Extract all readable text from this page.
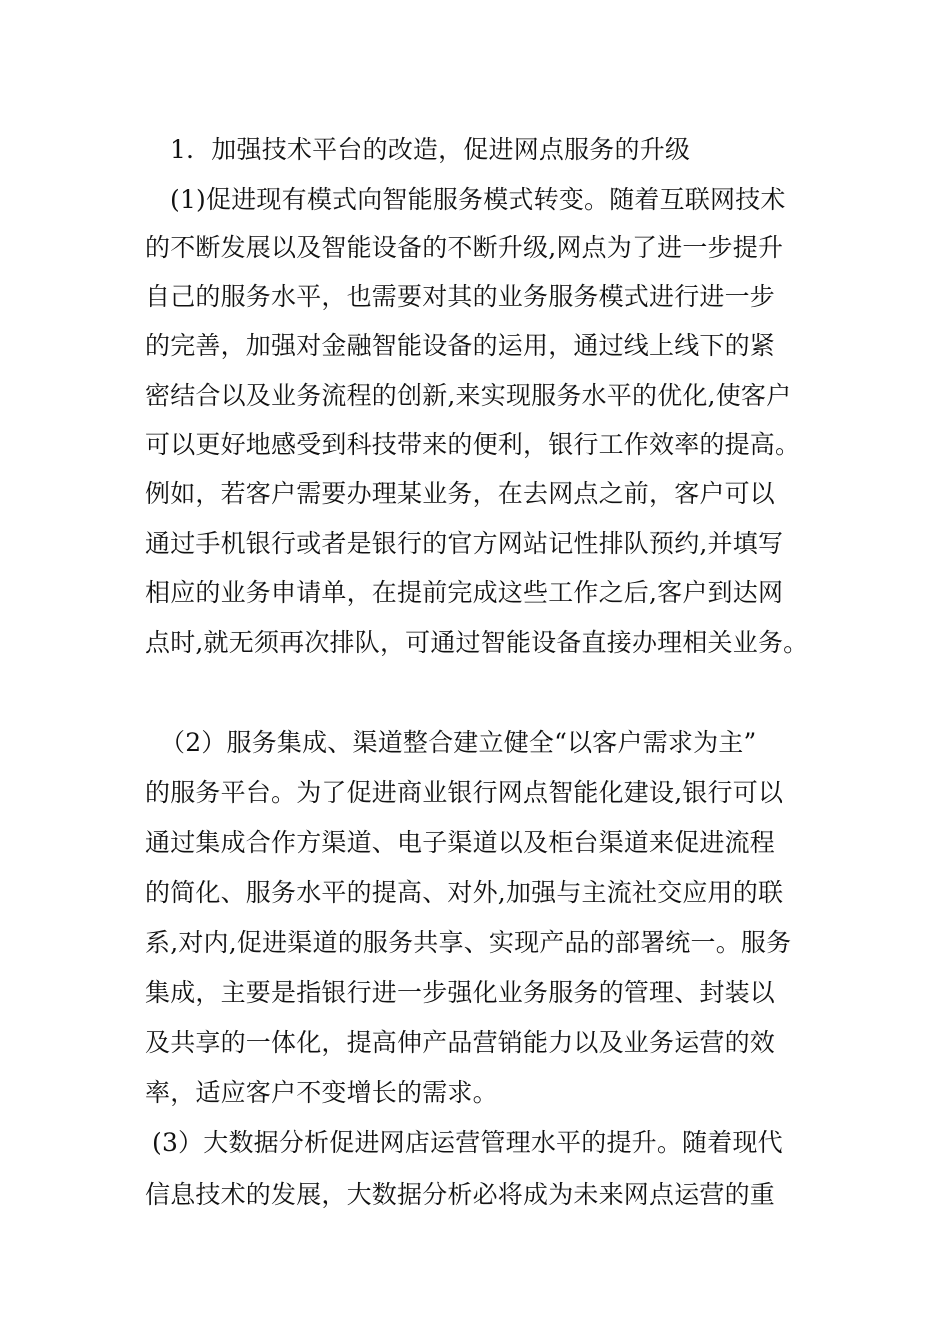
1．加强技术平台的改造，促进网点服务的升级
(1)促进现有模式向智能服务模式转变。随着互联网技术
的不断发展以及智能设备的不断升级,网点为了进一步提升
自己的服务水平，也需要对其的业务服务模式进行进一步
的完善，加强对金融智能设备的运用，通过线上线下的紧
密结合以及业务流程的创新,来实现服务水平的优化,使客户
可以更好地感受到科技带来的便利，银行工作效率的提高。
例如，若客户需要办理某业务，在去网点之前，客户可以
通过手机银行或者是银行的官方网站记性排队预约,并填写
相应的业务申请单，在提前完成这些工作之后,客户到达网
点时,就无须再次排队，可通过智能设备直接办理相关业务。
（2）服务集成、渠道整合建立健全“以客户需求为主”
的服务平台。为了促进商业银行网点智能化建设,银行可以
通过集成合作方渠道、电子渠道以及柜台渠道来促进流程
的简化、服务水平的提高、对外,加强与主流社交应用的联
系,对内,促进渠道的服务共享、实现产品的部署统一。服务
集成，主要是指银行进一步强化业务服务的管理、封装以
及共享的一体化，提高伸产品营销能力以及业务运营的效
率，适应客户不变增长的需求。
(3）大数据分析促进网店运营管理水平的提升。随着现代
信息技术的发展，大数据分析必将成为未来网点运营的重
